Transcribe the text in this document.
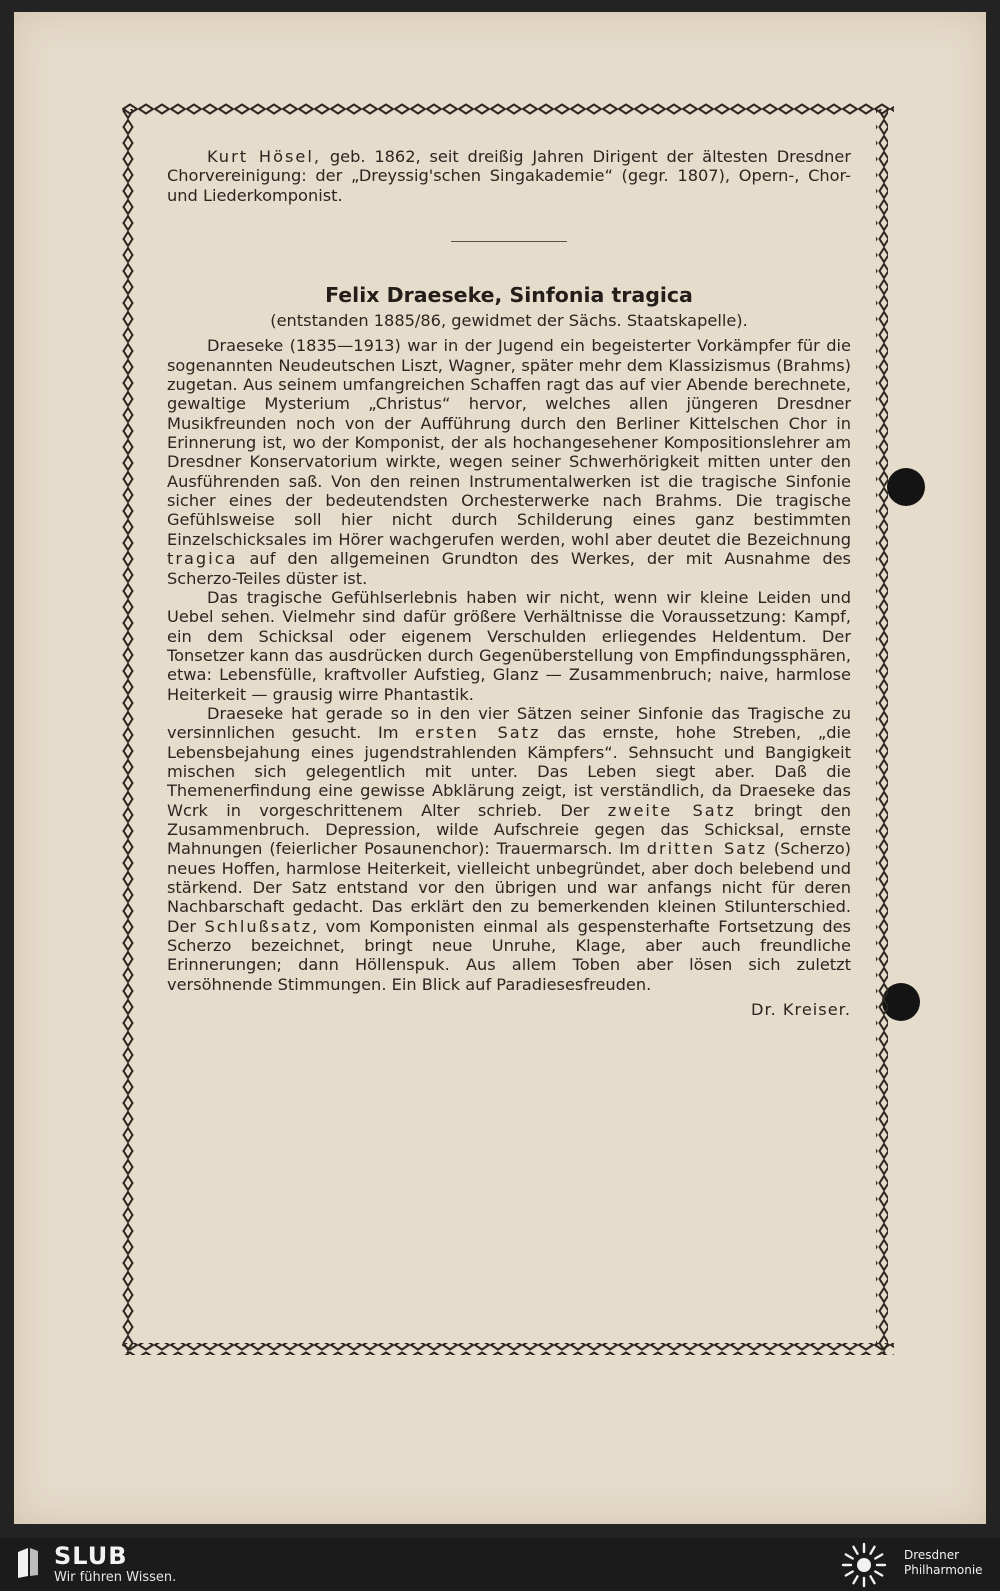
Kurt Hösel, geb. 1862, seit dreißig Jahren Dirigent der ältesten Dresdner Chorvereinigung: der „Dreyssig'schen Singakademie“ (gegr. 1807), Opern-, Chor- und Liederkomponist.

Felix Draeseke, Sinfonia tragica

(entstanden 1885/86, gewidmet der Sächs. Staatskapelle).

Draeseke (1835—1913) war in der Jugend ein begeisterter Vorkämpfer für die sogenannten Neudeutschen Liszt, Wagner, später mehr dem Klassizismus (Brahms) zugetan. Aus seinem umfangreichen Schaffen ragt das auf vier Abende berechnete, gewaltige Mysterium „Christus“ hervor, welches allen jüngeren Dresdner Musikfreunden noch von der Aufführung durch den Berliner Kittelschen Chor in Erinnerung ist, wo der Komponist, der als hochangesehener Kompositionslehrer am Dresdner Konservatorium wirkte, wegen seiner Schwerhörigkeit mitten unter den Ausführenden saß. Von den reinen Instrumentalwerken ist die tragische Sinfonie sicher eines der bedeutendsten Orchesterwerke nach Brahms. Die tragische Gefühlsweise soll hier nicht durch Schilderung eines ganz bestimmten Einzelschicksales im Hörer wachgerufen werden, wohl aber deutet die Bezeichnung tragica auf den allgemeinen Grundton des Werkes, der mit Ausnahme des Scherzo-Teiles düster ist.

Das tragische Gefühlserlebnis haben wir nicht, wenn wir kleine Leiden und Uebel sehen. Vielmehr sind dafür größere Verhältnisse die Voraussetzung: Kampf, ein dem Schicksal oder eigenem Verschulden erliegendes Heldentum. Der Tonsetzer kann das ausdrücken durch Gegenüberstellung von Empfindungssphären, etwa: Lebensfülle, kraftvoller Aufstieg, Glanz — Zusammenbruch; naive, harmlose Heiterkeit — grausig wirre Phantastik.

Draeseke hat gerade so in den vier Sätzen seiner Sinfonie das Tragische zu versinnlichen gesucht. Im ersten Satz das ernste, hohe Streben, „die Lebensbejahung eines jugendstrahlenden Kämpfers“. Sehnsucht und Bangigkeit mischen sich gelegentlich mit unter. Das Leben siegt aber. Daß die Themenerfindung eine gewisse Abklärung zeigt, ist verständlich, da Draeseke das Wcrk in vorgeschrittenem Alter schrieb. Der zweite Satz bringt den Zusammenbruch. Depression, wilde Aufschreie gegen das Schicksal, ernste Mahnungen (feierlicher Posaunenchor): Trauermarsch. Im dritten Satz (Scherzo) neues Hoffen, harmlose Heiterkeit, vielleicht unbegründet, aber doch belebend und stärkend. Der Satz entstand vor den übrigen und war anfangs nicht für deren Nachbarschaft gedacht. Das erklärt den zu bemerkenden kleinen Stilunterschied. Der Schlußsatz, vom Komponisten einmal als gespensterhafte Fortsetzung des Scherzo bezeichnet, bringt neue Unruhe, Klage, aber auch freundliche Erinnerungen; dann Höllenspuk. Aus allem Toben aber lösen sich zuletzt versöhnende Stimmungen. Ein Blick auf Paradiesesfreuden.

Dr. Kreiser.

SLUB
Wir führen Wissen.
Dresdner
Philharmonie
